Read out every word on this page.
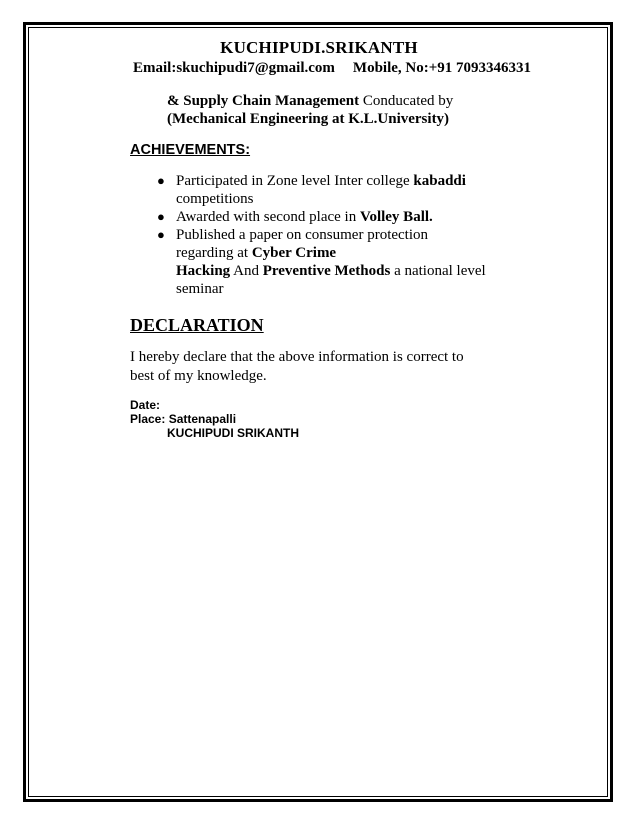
KUCHIPUDI.SRIKANTH
Email:skuchipudi7@gmail.com Mobile, No:+91 7093346331
& Supply Chain Management Conducated by
(Mechanical Engineering at K.L.University)
ACHIEVEMENTS:
● Participated in Zone level Inter college kabaddi
competitions
● Awarded with second place in Volley Ball.
● Published a paper on consumer protection
regarding at Cyber Crime
Hacking And Preventive Methods a national level
seminar
DECLARATION
I hereby declare that the above information is correct to
best of my knowledge.
Date:
Place: Sattenapalli
KUCHIPUDI SRIKANTH
